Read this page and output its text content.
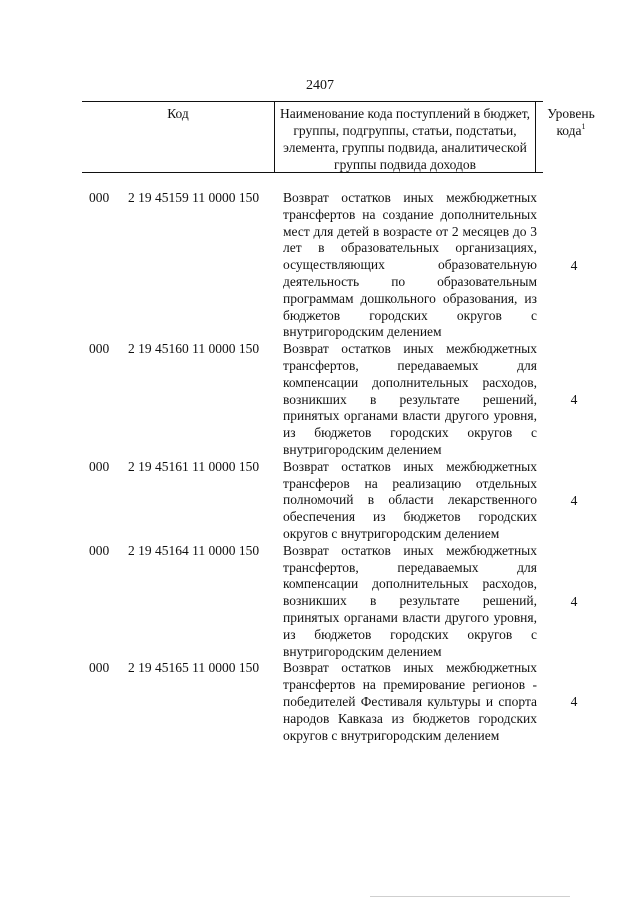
2407
Код	Наименование кода поступлений в бюджет, группы, подгруппы, статьи, подстатьи, элемента, группы подвида, аналитической группы подвида доходов
Уровень кода$^1$
000 2 19 45159 11 0000 150 Возврат остатков иных межбюджетных трансфертов на создание дополнительных мест для детей в возрасте от 2 месяцев до 3 лет в образовательных организациях, осуществляющих образовательную деятельность по образовательным программам дошкольного образования, из бюджетов городских округов с внутригородским делением
4
000 2 19 45160 11 0000 150 Возврат остатков иных межбюджетных трансфертов, передаваемых для компенсации дополнительных расходов, возникших в результате решений, принятых органами власти другого уровня, из бюджетов городских округов с внутригородским делением
4
000 2 19 45161 11 0000 150 Возврат остатков иных межбюджетных трансферов на реализацию отдельных полномочий в области лекарственного обеспечения из бюджетов городских округов с внутригородским делением
4
000 2 19 45164 11 0000 150 Возврат остатков иных межбюджетных трансфертов, передаваемых для компенсации дополнительных расходов, возникших в результате решений, принятых органами власти другого уровня, из бюджетов городских округов с внутригородским делением
4
000 2 19 45165 11 0000 150 Возврат остатков иных межбюджетных трансфертов на премирование регионов - победителей Фестиваля культуры и спорта народов Кавказа из бюджетов городских округов с внутригородским делением
4
